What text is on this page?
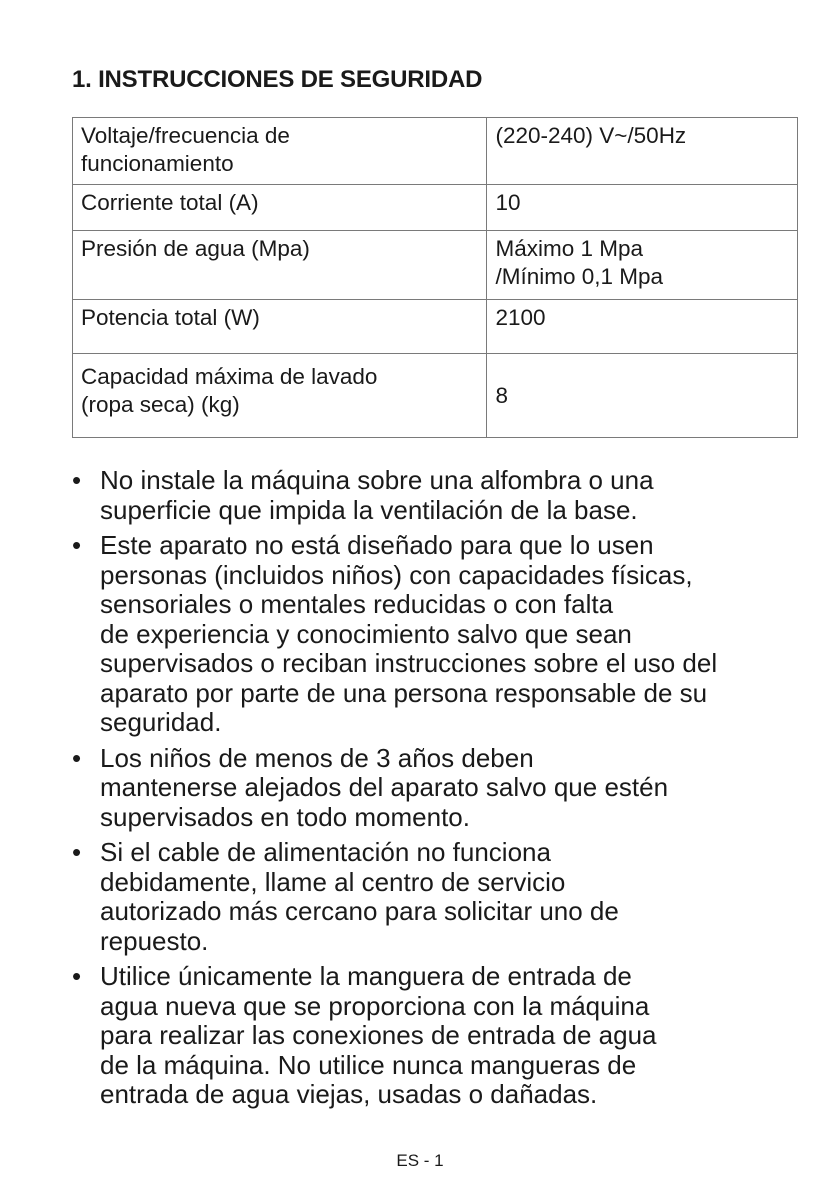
1. INSTRUCCIONES DE SEGURIDAD
Voltaje/frecuencia de
funcionamiento	(220-240) V~/50Hz

Corriente total (A)	10

Presión de agua (Mpa)	Máximo 1 Mpa
/Mínimo 0,1 Mpa

Potencia total (W)	2100

Capacidad máxima de lavado
(ropa seca) (kg)	8
• No instale la máquina sobre una alfombra o una
superficie que impida la ventilación de la base.
• Este aparato no está diseñado para que lo usen
personas (incluidos niños) con capacidades físicas,
sensoriales o mentales reducidas o con falta
de experiencia y conocimiento salvo que sean
supervisados o reciban instrucciones sobre el uso del
aparato por parte de una persona responsable de su
seguridad.
• Los niños de menos de 3 años deben
mantenerse alejados del aparato salvo que estén
supervisados en todo momento.
• Si el cable de alimentación no funciona
debidamente, llame al centro de servicio
autorizado más cercano para solicitar uno de
repuesto.
• Utilice únicamente la manguera de entrada de
agua nueva que se proporciona con la máquina
para realizar las conexiones de entrada de agua
de la máquina. No utilice nunca mangueras de
entrada de agua viejas, usadas o dañadas.
ES - 1
